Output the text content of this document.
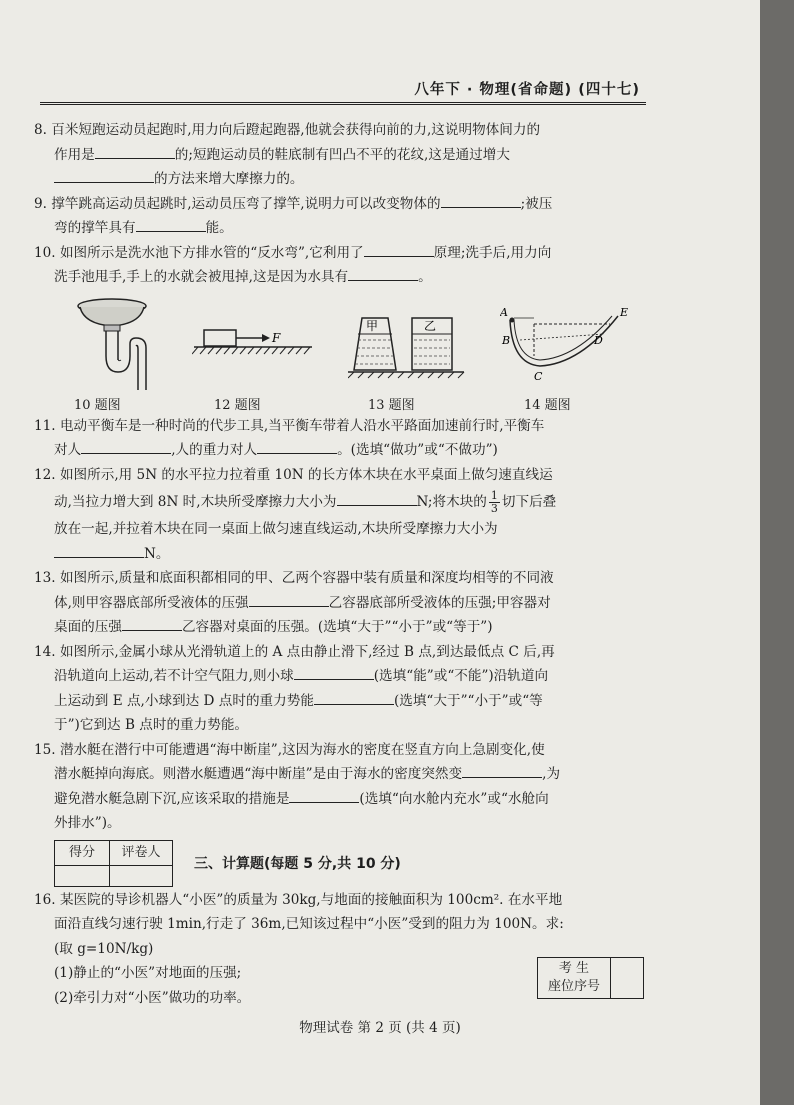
八年下 · 物理(省命题) (四十七)

8. 百米短跑运动员起跑时,用力向后蹬起跑器,他就会获得向前的力,这说明物体间力的

作用是	的;短跑运动员的鞋底制有凹凸不平的花纹,这是通过增大

的方法来增大摩擦力的。

9. 撑竿跳高运动员起跳时,运动员压弯了撑竿,说明力可以改变物体的	;被压

弯的撑竿具有	能。

10. 如图所示是洗水池下方排水管的“反水弯”,它利用了	原理;洗手后,用力向

洗手池甩手,手上的水就会被甩掉,这是因为水具有	。

10 题图
F
12 题图
甲	乙
13 题图
A
B
C
D
E
14 题图

11. 电动平衡车是一种时尚的代步工具,当平衡车带着人沿水平路面加速前行时,平衡车

对人	,人的重力对人	。(选填“做功”或“不做功”)

12. 如图所示,用 5N 的水平拉力拉着重 10N 的长方体木块在水平桌面上做匀速直线运

动,当拉力增大到 8N 时,木块所受摩擦力大小为	N;将木块的 $\frac{1}{3}$ 切下后叠

放在一起,并拉着木块在同一桌面上做匀速直线运动,木块所受摩擦力大小为

N。

13. 如图所示,质量和底面积都相同的甲、乙两个容器中装有质量和深度均相等的不同液

体,则甲容器底部所受液体的压强	乙容器底部所受液体的压强;甲容器对

桌面的压强	乙容器对桌面的压强。(选填“大于”“小于”或“等于”)

14. 如图所示,金属小球从光滑轨道上的 A 点由静止滑下,经过 B 点,到达最低点 C 后,再

沿轨道向上运动,若不计空气阻力,则小球	(选填“能”或“不能”)沿轨道向

上运动到 E 点,小球到达 D 点时的重力势能	(选填“大于”“小于”或“等

于”)它到达 B 点时的重力势能。

15. 潜水艇在潜行中可能遭遇“海中断崖”,这因为海水的密度在竖直方向上急剧变化,使

潜水艇掉向海底。则潜水艇遭遇“海中断崖”是由于海水的密度突然变	,为

避免潜水艇急剧下沉,应该采取的措施是	(选填“向水舱内充水”或“水舱向

外排水”)。

得分	评卷人

三、计算题(每题 5 分,共 10 分)

16. 某医院的导诊机器人“小医”的质量为 30kg,与地面的接触面积为 100cm². 在水平地

面沿直线匀速行驶 1min,行走了 36m,已知该过程中“小医”受到的阻力为 100N。求:

(取 g=10N/kg)

(1)静止的“小医”对地面的压强;

(2)牵引力对“小医”做功的功率。

考 生
座位序号

物理试卷 第 2 页 (共 4 页)
